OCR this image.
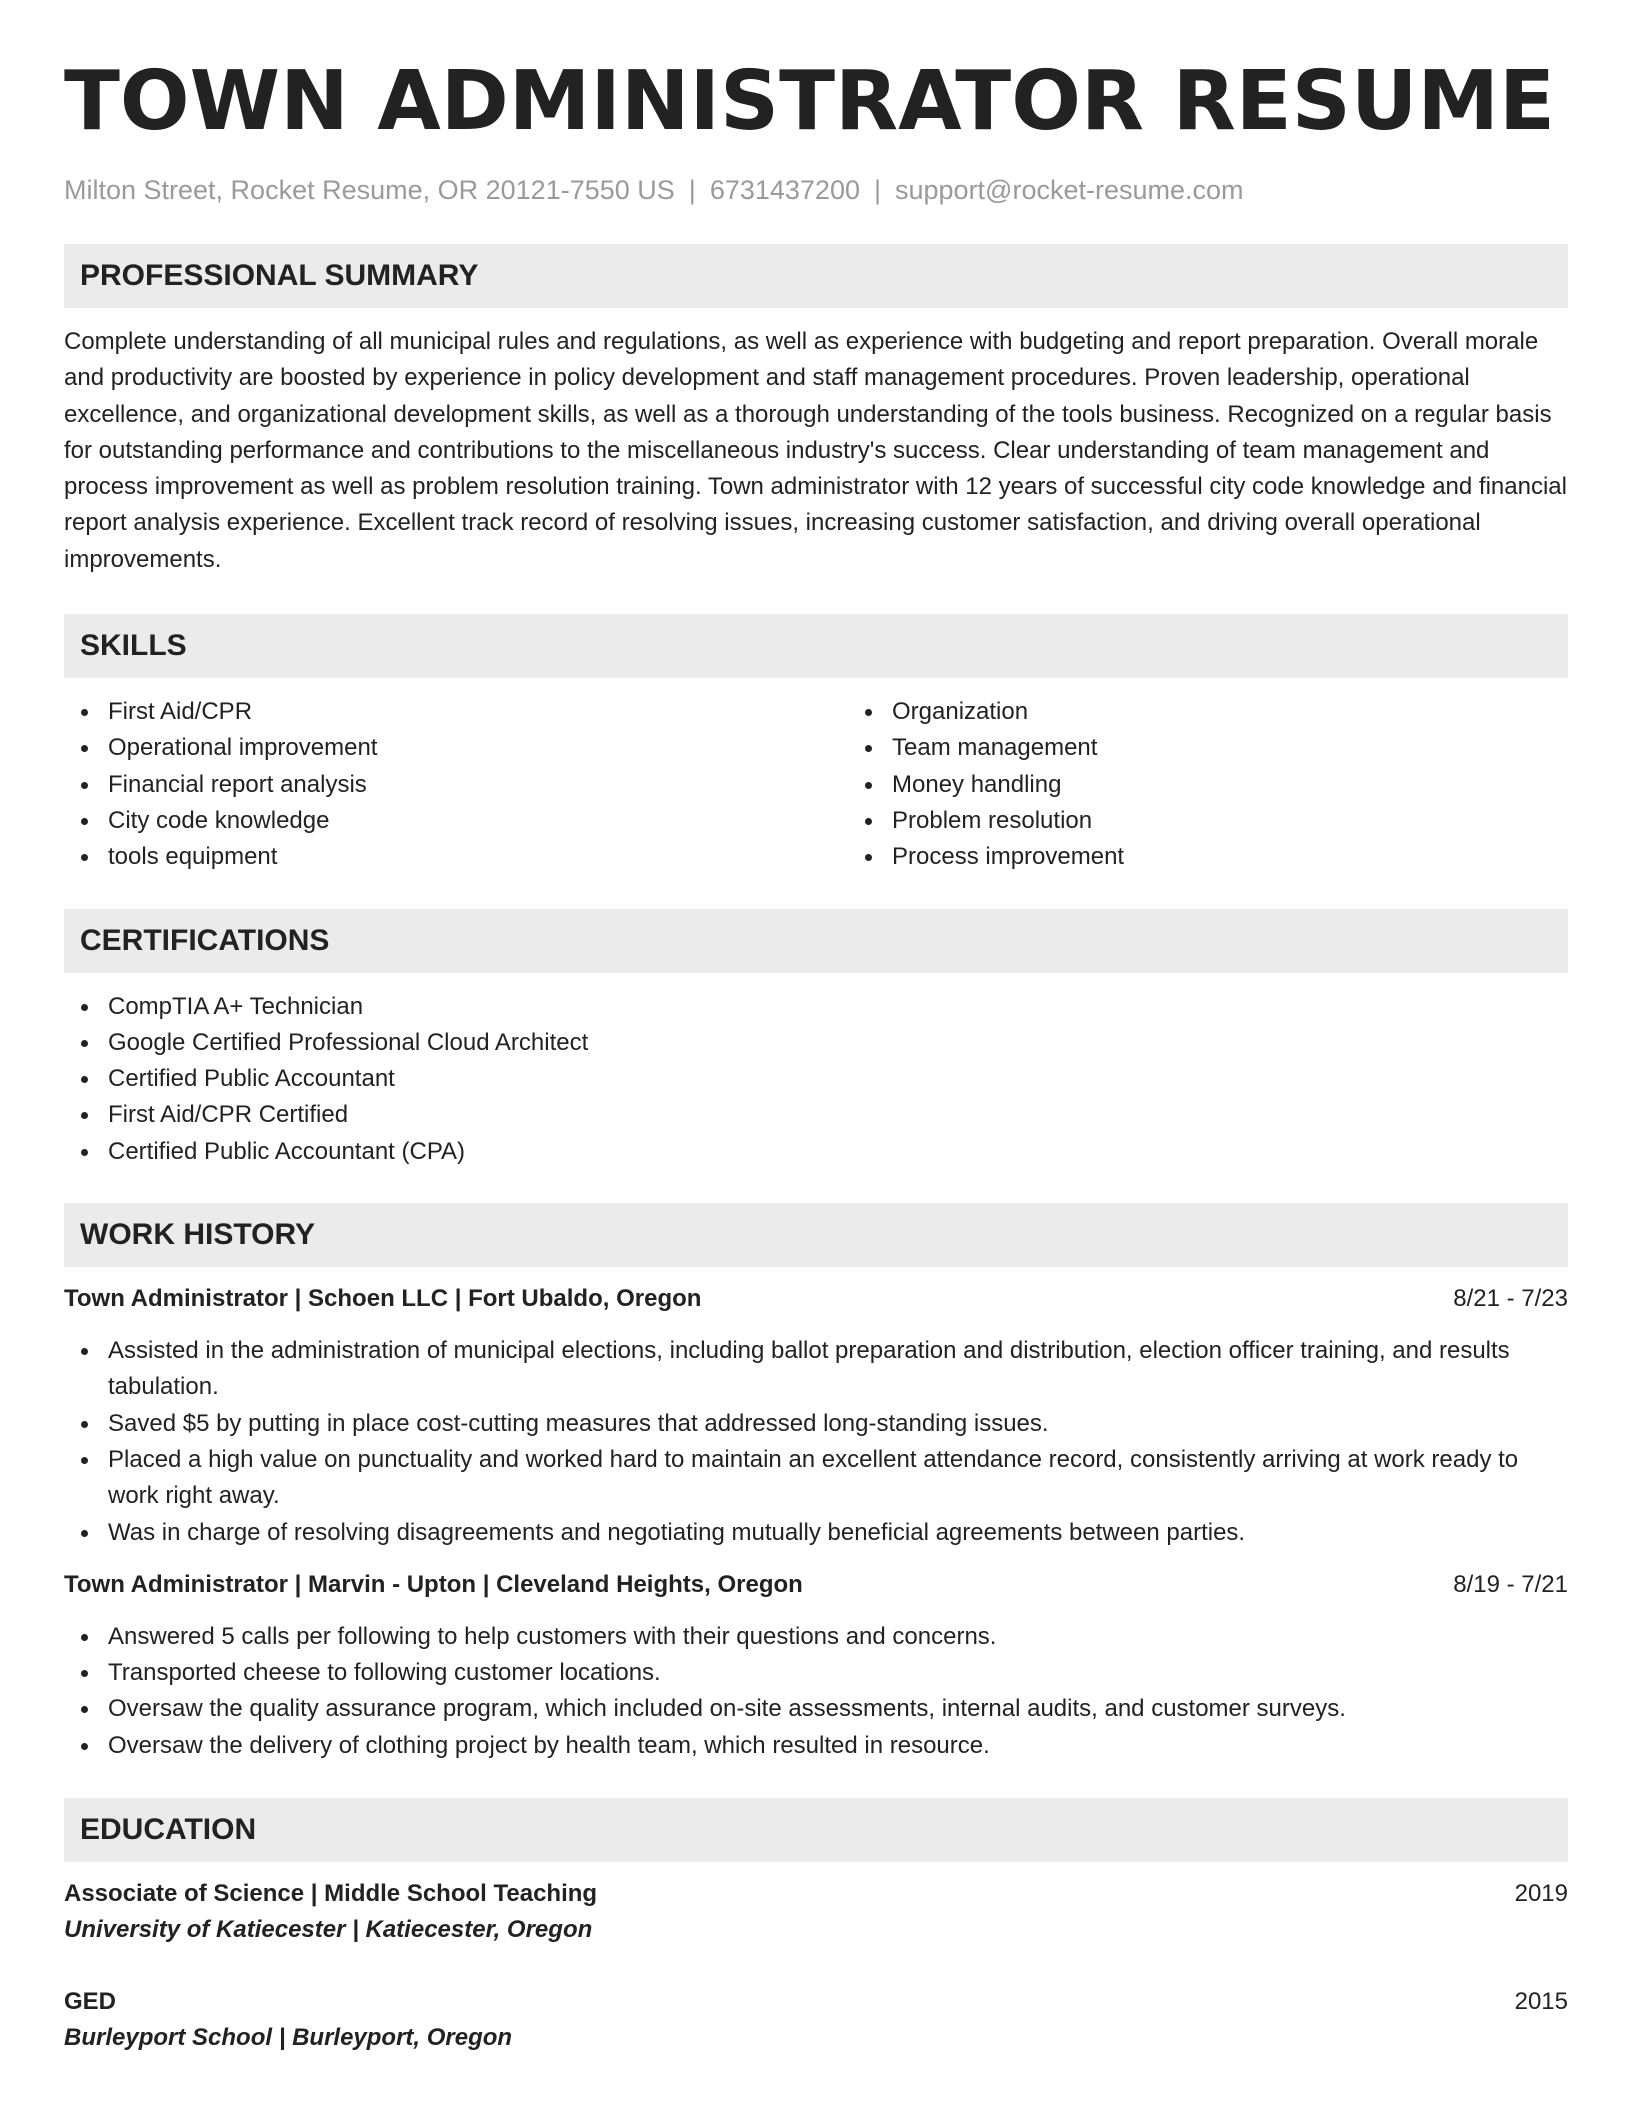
TOWN ADMINISTRATOR RESUME
Milton Street, Rocket Resume, OR 20121-7550 US | 6731437200 | support@rocket-resume.com
PROFESSIONAL SUMMARY

Complete understanding of all municipal rules and regulations, as well as experience with budgeting and report preparation. Overall morale and productivity are boosted by experience in policy development and staff management procedures. Proven leadership, operational excellence, and organizational development skills, as well as a thorough understanding of the tools business. Recognized on a regular basis for outstanding performance and contributions to the miscellaneous industry's success. Clear understanding of team management and process improvement as well as problem resolution training. Town administrator with 12 years of successful city code knowledge and financial report analysis experience. Excellent track record of resolving issues, increasing customer satisfaction, and driving overall operational improvements.

SKILLS
First Aid/CPR
Operational improvement
Financial report analysis
City code knowledge
tools equipment
Organization
Team management
Money handling
Problem resolution
Process improvement
CERTIFICATIONS
CompTIA A+ Technician
Google Certified Professional Cloud Architect
Certified Public Accountant
First Aid/CPR Certified
Certified Public Accountant (CPA)
WORK HISTORY
Town Administrator | Schoen LLC | Fort Ubaldo, Oregon	8/21 - 7/23
Assisted in the administration of municipal elections, including ballot preparation and distribution, election officer training, and results tabulation.
Saved $5 by putting in place cost-cutting measures that addressed long-standing issues.
Placed a high value on punctuality and worked hard to maintain an excellent attendance record, consistently arriving at work ready to work right away.
Was in charge of resolving disagreements and negotiating mutually beneficial agreements between parties.
Town Administrator | Marvin - Upton | Cleveland Heights, Oregon	8/19 - 7/21
Answered 5 calls per following to help customers with their questions and concerns.
Transported cheese to following customer locations.
Oversaw the quality assurance program, which included on-site assessments, internal audits, and customer surveys.
Oversaw the delivery of clothing project by health team, which resulted in resource.
EDUCATION
Associate of Science | Middle School Teaching	2019
University of Katiecester | Katiecester, Oregon
GED	2015
Burleyport School | Burleyport, Oregon
